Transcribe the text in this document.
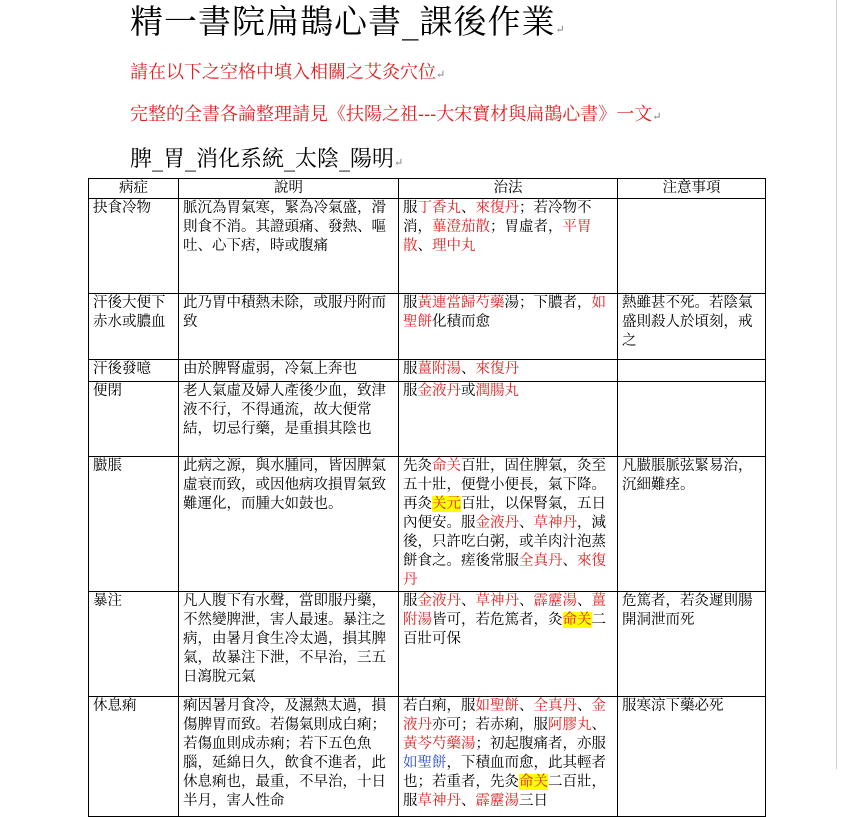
精一書院扁鵲心書_課後作業↵
請在以下之空格中填入相關之艾灸穴位↵
完整的全書各論整理請見《扶陽之祖---大宋寶材與扁鵲心書》一文↵
脾_胃_消化系統_太陰_陽明↵
病症	說明	治法	注意事項
抉食冷物	脈沉為胃氣寒，緊為冷氣盛，滑則食不消。其證頭痛、發熱、嘔吐、心下痞，時或腹痛	服丁香丸、來復丹；若冷物不消，蓽澄茄散；胃虛者，平胃散、理中丸	
汗後大便下赤水或膿血	此乃胃中積熱未除，或服丹附而致	服黃連當歸芍藥湯；下膿者，如聖餅化積而愈	熱雖甚不死。若陰氣盛則殺人於頃刻，戒之
汗後發噫	由於脾腎虛弱，冷氣上奔也	服薑附湯、來復丹	
便閉	老人氣虛及婦人產後少血，致津液不行，不得通流，故大便常結，切忌行藥，是重損其陰也	服金液丹或潤腸丸	
臌脹	此病之源，與水腫同，皆因脾氣虛衰而致，或因他病攻損胃氣致難運化，而腫大如鼓也。	先灸命关百壯，固住脾氣，灸至五十壯，便覺小便長，氣下降。再灸关元百壯，以保腎氣，五日內便安。服金液丹、草神丹，減後，只許吃白粥，或羊肉汁泡蒸餅食之。瘥後常服全真丹、來復丹	凡臌脹脈弦緊易治，沉細難痊。
暴注	凡人腹下有水聲，當即服丹藥，不然變脾泄，害人最速。暴注之病，由暑月食生冷太過，損其脾氣，故暴注下泄，不早治，三五日瀉脫元氣	服金液丹、草神丹、霹靂湯、薑附湯皆可，若危篤者，灸命关二百壯可保	危篤者，若灸遲則腸開洞泄而死
休息痢	痢因暑月食冷，及濕熱太過，損傷脾胃而致。若傷氣則成白痢；若傷血則成赤痢；若下五色魚腦，延綿日久，飲食不進者，此休息痢也，最重，不早治，十日半月，害人性命	若白痢，服如聖餅、全真丹、金液丹亦可；若赤痢，服阿膠丸、黃芩芍藥湯；初起腹痛者，亦服如聖餅，下積血而愈，此其輕者也；若重者，先灸命关二百壯，服草神丹、霹靂湯三日	服寒涼下藥必死
